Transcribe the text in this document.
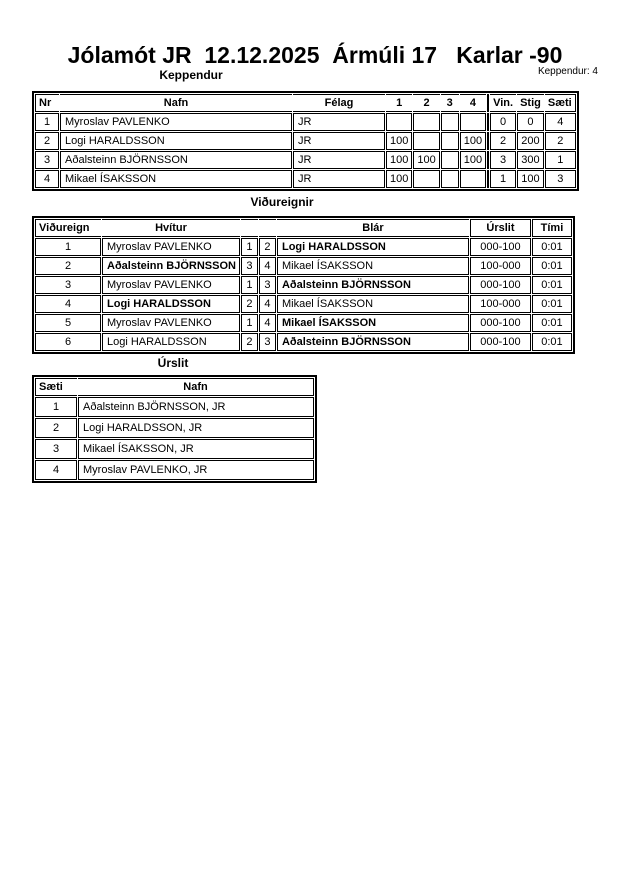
Jólamót JR  12.12.2025  Ármúli 17   Karlar -90
Keppendur: 4
Keppendur
Nr	Nafn	Félag	1	2	3	4		Vin.	Stig	Sæti
1	Myroslav PAVLENKO	JR						0	0	4
2	Logi HARALDSSON	JR	100			100		2	200	2
3	Aðalsteinn BJÖRNSSON	JR	100	100		100		3	300	1
4	Mikael ÍSAKSSON	JR	100					1	100	3
Viðureignir
Viðureign	Hvítur			Blár	Úrslit	Tími
1	Myroslav PAVLENKO	1	2	Logi HARALDSSON	000-100	0:01
2	Aðalsteinn BJÖRNSSON	3	4	Mikael ÍSAKSSON	100-000	0:01
3	Myroslav PAVLENKO	1	3	Aðalsteinn BJÖRNSSON	000-100	0:01
4	Logi HARALDSSON	2	4	Mikael ÍSAKSSON	100-000	0:01
5	Myroslav PAVLENKO	1	4	Mikael ÍSAKSSON	000-100	0:01
6	Logi HARALDSSON	2	3	Aðalsteinn BJÖRNSSON	000-100	0:01
Úrslit
Sæti	Nafn
1	Aðalsteinn BJÖRNSSON, JR
2	Logi HARALDSSON, JR
3	Mikael ÍSAKSSON, JR
4	Myroslav PAVLENKO, JR
